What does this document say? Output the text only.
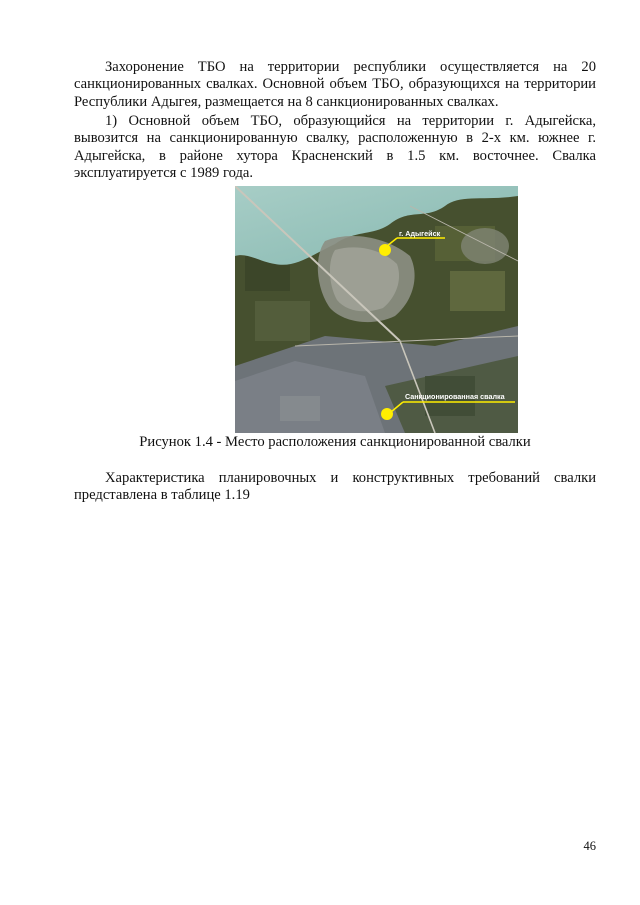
Захоронение ТБО на территории республики осуществляется на 20 санкционированных свалках. Основной объем ТБО, образующихся на территории Республики Адыгея, размещается на 8 санкционированных свалках.

1) Основной объем ТБО, образующийся на территории г. Адыгейска, вывозится на санкционированную свалку, расположенную в 2-х км. южнее г. Адыгейска, в районе хутора Красненский в 1.5 км. восточнее. Свалка эксплуатируется с 1989 года.

г. Адыгейск
Санкционированная свалка

Рисунок 1.4 - Место расположения санкционированной свалки

Характеристика планировочных и конструктивных требований свалки представлена в таблице 1.19

46
